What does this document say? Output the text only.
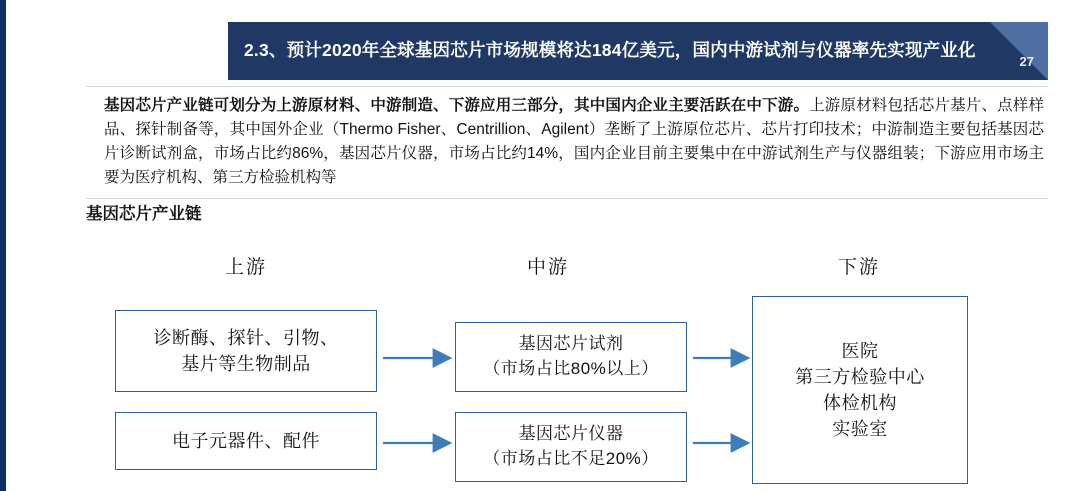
2.3、预计2020年全球基因芯片市场规模将达184亿美元，国内中游试剂与仪器率先实现产业化
27
基因芯片产业链可划分为上游原材料、中游制造、下游应用三部分，其中国内企业主要活跃在中下游。上游原材料包括芯片基片、点样样品、探针制备等，其中国外企业（Thermo Fisher、Centrillion、Agilent）垄断了上游原位芯片、芯片打印技术；中游制造主要包括基因芯片诊断试剂盒，市场占比约86%，基因芯片仪器，市场占比约14%，国内企业目前主要集中在中游试剂生产与仪器组装；下游应用市场主要为医疗机构、第三方检验机构等
基因芯片产业链
上游	中游	下游
诊断酶、探针、引物、
基片等生物制品
电子元器件、配件
基因芯片试剂
（市场占比80%以上）
基因芯片仪器
（市场占比不足20%）
医院
第三方检验中心
体检机构
实验室
